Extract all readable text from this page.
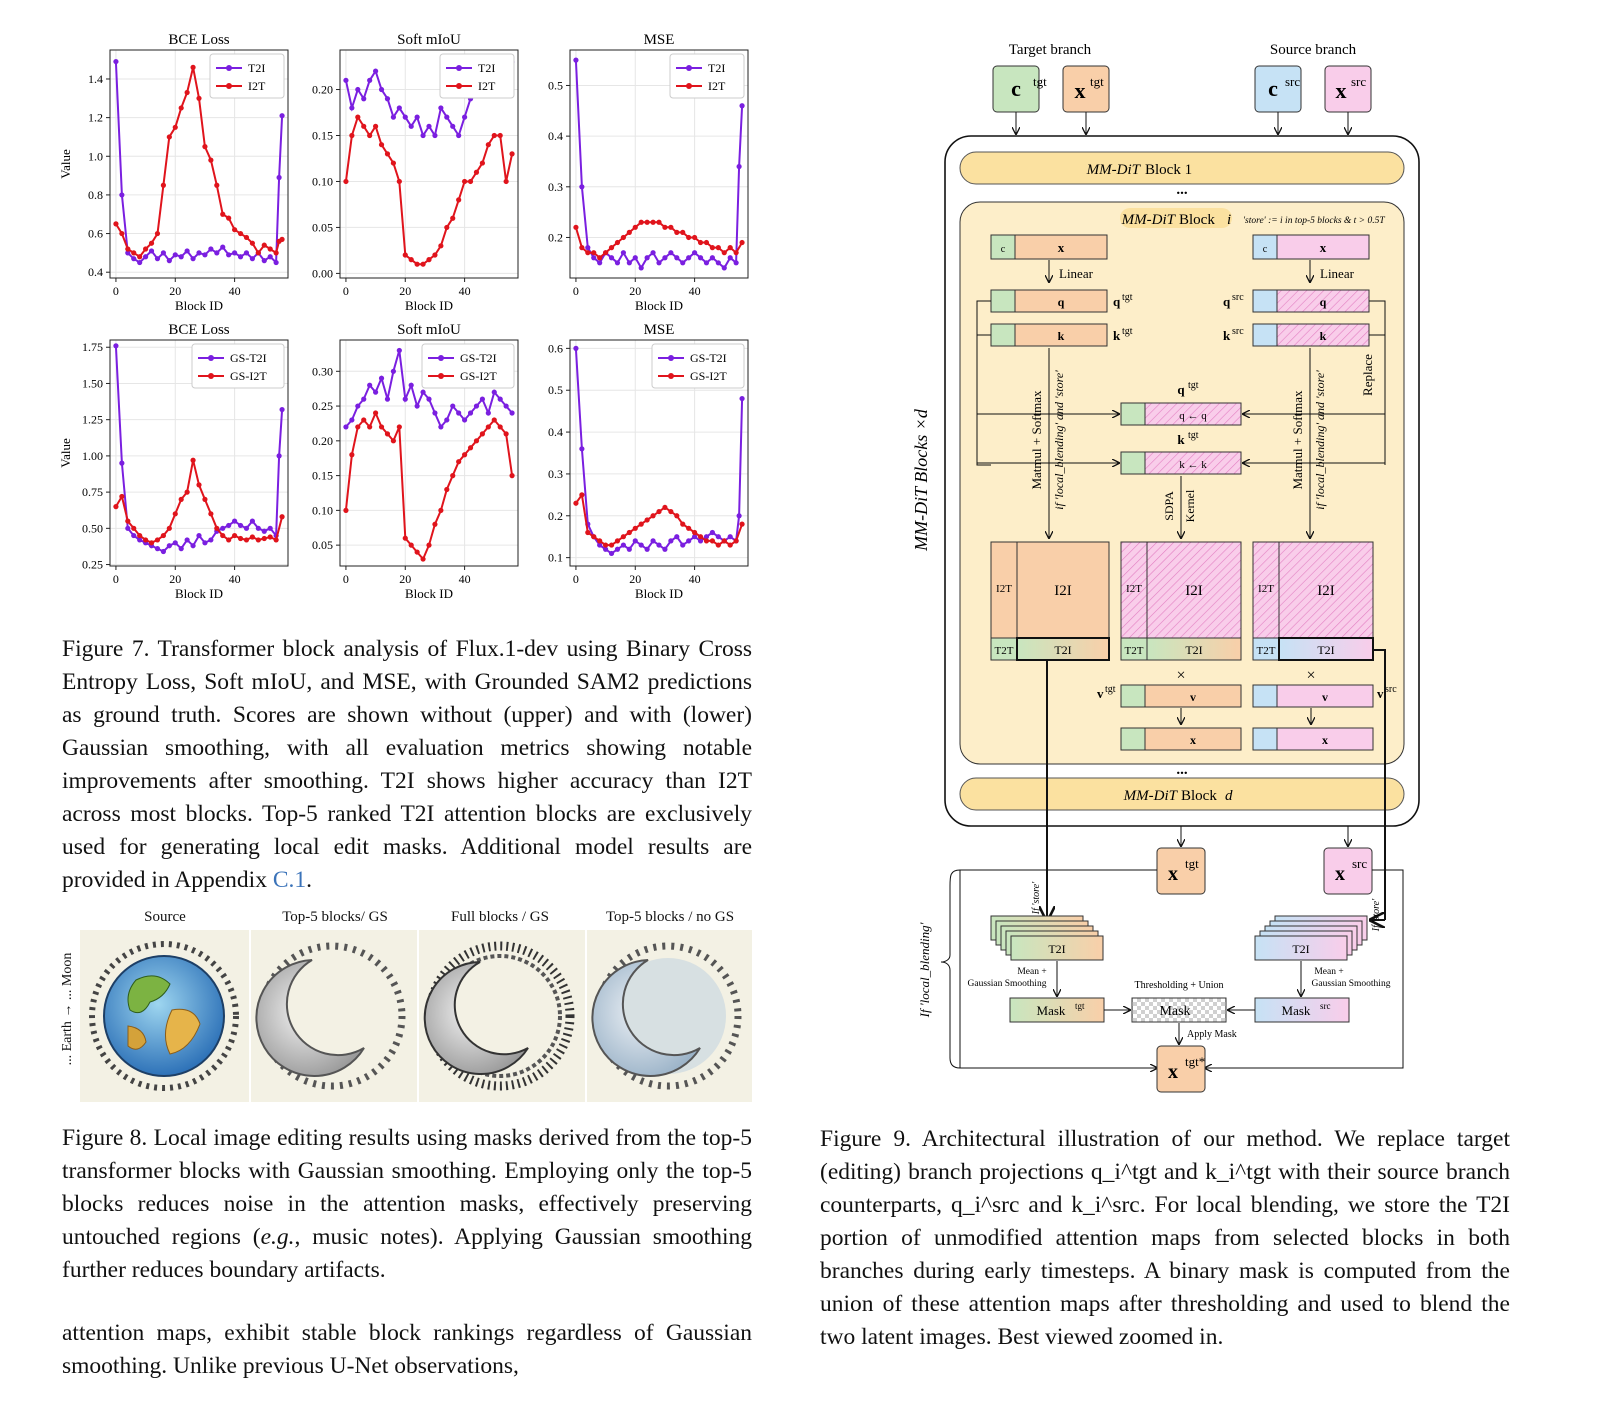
BCE Loss
0.4
0.6
0.8
1.0
1.2
1.4
0	20	40
Block ID
Value
T2I
I2T
Soft mIoU
0.00
0.05
0.10
0.15
0.20
0	20	40
Block ID
T2I
I2T
MSE
0.2
0.3
0.4
0.5
0	20	40
Block ID
T2I
I2T
BCE Loss
0.25
0.50
0.75
1.00
1.25
1.50
1.75
0	20	40
Block ID
Value
GS-T2I
GS-I2T
Soft mIoU
0.05
0.10
0.15
0.20
0.25
0.30
0	20	40
Block ID
GS-T2I
GS-I2T
MSE
0.1
0.2
0.3
0.4
0.5
0.6
0	20	40
Block ID
GS-T2I
GS-I2T
Figure 7. Transformer block analysis of Flux.1-dev using Binary Cross Entropy Loss, Soft mIoU, and MSE, with Grounded SAM2 predictions as ground truth. Scores are shown without (upper) and with (lower) Gaussian smoothing, with all evaluation metrics showing notable improvements after smoothing. T2I shows higher accuracy than I2T across most blocks. Top-5 ranked T2I attention blocks are exclusively used for generating local edit masks. Additional model results are provided in Appendix C.1.
Source	Top-5 blocks/ GS	Full blocks / GS	Top-5 blocks / no GS
... Earth → ... Moon
Figure 8. Local image editing results using masks derived from the top-5 transformer blocks with Gaussian smoothing. Employing only the top-5 blocks reduces noise in the attention masks, effectively preserving untouched regions (e.g., music notes). Applying Gaussian smoothing further reduces boundary artifacts.
attention maps, exhibit stable block rankings regardless of Gaussian smoothing. Unlike previous U-Net observations,
Target branch	Source branch
c tgt x tgt	c src x src
MM-DiT Blocks ×d
MM-DiT Block 1
...
MM-DiT Block i 'store' := i in top-5 blocks & t > 0.5T
c	x
Linear
c	x
Linear
q	q tgt
k	k tgt
q src	q
k src	k
Replace
q tgt
q ← q
k tgt
k ← k
Matmul + Softmax if 'local_blending' and 'store'	Matmul + Softmax if 'local_blending' and 'store'
SDPA Kernel
I2T	I2I
T2T	T2I
I2T	I2I
T2T	T2I
I2T	I2I
T2T	T2I
×	×
v tgt
v	v	v src
x	x
...
MM-DiT Block d
x tgt	x src
If 'store'
If 'store'
If 'local_blending'	T2I	T2I
Mean +
Gaussian Smoothing
Mean +
Gaussian Smoothing
Mask tgt	Mask	Mask src
Thresholding + Union
Apply Mask
x tgt*
Figure 9. Architectural illustration of our method. We replace target (editing) branch projections q_i^tgt and k_i^tgt with their source branch counterparts, q_i^src and k_i^src. For local blending, we store the T2I portion of unmodified attention maps from selected blocks in both branches during early timesteps. A binary mask is computed from the union of these attention maps after thresholding and used to blend the two latent images. Best viewed zoomed in.
